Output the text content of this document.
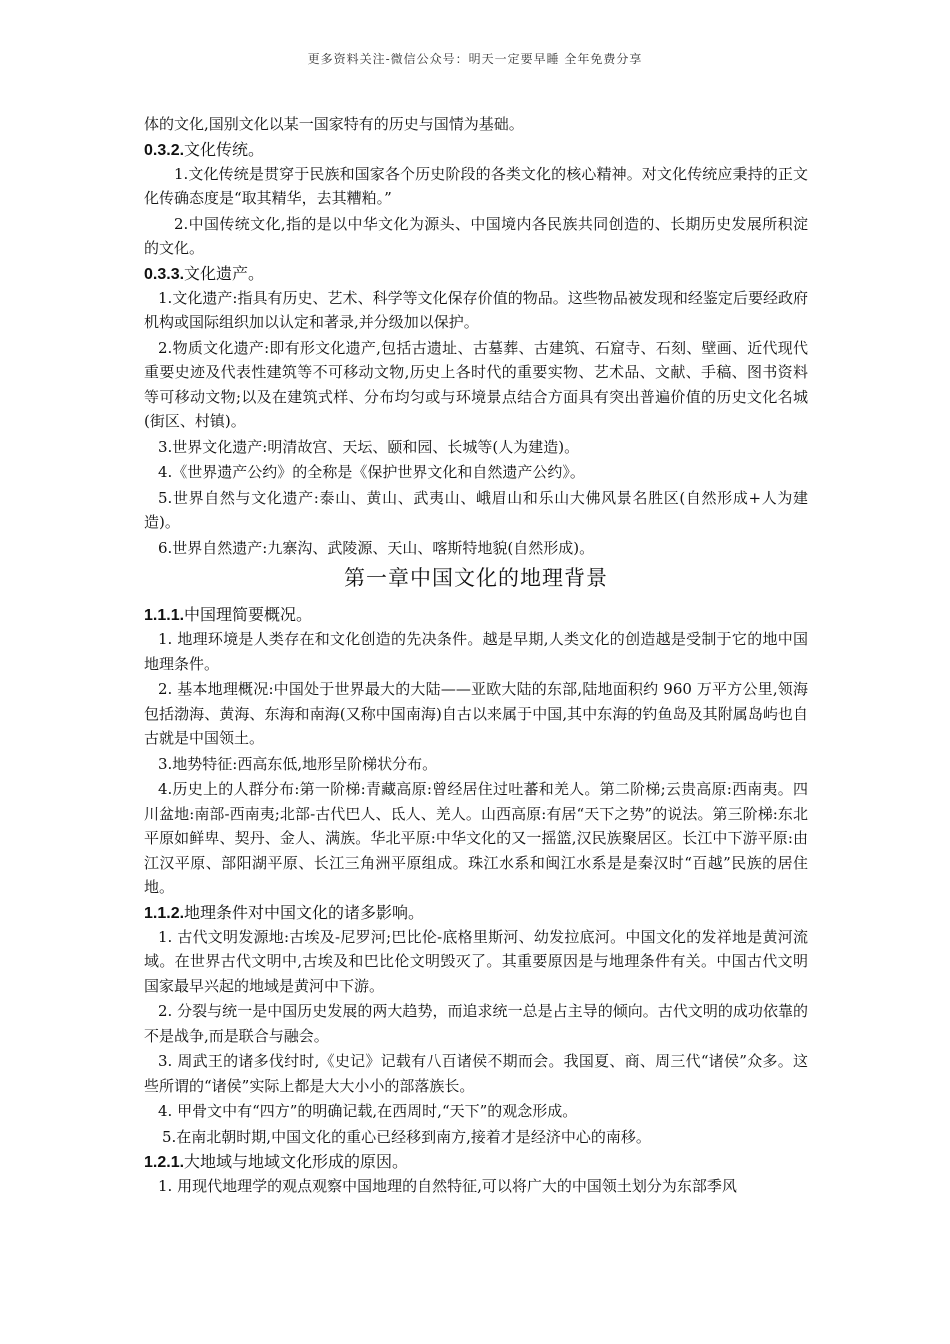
更多资料关注-微信公众号：明天一定要早睡 全年免费分享
体的文化,国别文化以某一国家特有的历史与国情为基础。
0.3.2.文化传统。
1.文化传统是贯穿于民族和国家各个历史阶段的各类文化的核心精神。对文化传统应秉持的正文化传确态度是“取其精华，去其糟粕。”
2.中国传统文化,指的是以中华文化为源头、中国境内各民族共同创造的、长期历史发展所积淀的文化。
0.3.3.文化遗产。
1.文化遗产:指具有历史、艺术、科学等文化保存价值的物品。这些物品被发现和经鉴定后要经政府机构或国际组织加以认定和著录,并分级加以保护。
2.物质文化遗产:即有形文化遗产,包括古遗址、古墓葬、古建筑、石窟寺、石刻、壁画、近代现代重要史迹及代表性建筑等不可移动文物,历史上各时代的重要实物、艺术品、文献、手稿、图书资料等可移动文物;以及在建筑式样、分布均匀或与环境景点结合方面具有突出普遍价值的历史文化名城(街区、村镇)。
3.世界文化遗产:明清故宫、天坛、颐和园、长城等(人为建造)。
4.《世界遗产公约》的全称是《保护世界文化和自然遗产公约》。
5.世界自然与文化遗产:泰山、黄山、武夷山、峨眉山和乐山大佛风景名胜区(自然形成+人为建造)。
6.世界自然遗产:九寨沟、武陵源、天山、喀斯特地貌(自然形成)。
第一章中国文化的地理背景
1.1.1.中国理简要概况。
1. 地理环境是人类存在和文化创造的先决条件。越是早期,人类文化的创造越是受制于它的地中国地理条件。
2. 基本地理概况:中国处于世界最大的大陆——亚欧大陆的东部,陆地面积约 960 万平方公里,领海包括渤海、黄海、东海和南海(又称中国南海)自古以来属于中国,其中东海的钓鱼岛及其附属岛屿也自古就是中国领土。
3.地势特征:西高东低,地形呈阶梯状分布。
4.历史上的人群分布:第一阶梯:青藏高原:曾经居住过吐蕃和羌人。第二阶梯;云贵高原:西南夷。四川盆地:南部-西南夷;北部-古代巴人、氐人、羌人。山西高原:有居“天下之势”的说法。第三阶梯:东北平原如鲜卑、契丹、金人、满族。华北平原:中华文化的又一摇篮,汉民族聚居区。长江中下游平原:由江汉平原、部阳湖平原、长江三角洲平原组成。珠江水系和闽江水系是是秦汉时“百越”民族的居住地。
1.1.2.地理条件对中国文化的诸多影响。
1. 古代文明发源地:古埃及-尼罗河;巴比伦-底格里斯河、幼发拉底河。中国文化的发祥地是黄河流域。在世界古代文明中,古埃及和巴比伦文明毁灭了。其重要原因是与地理条件有关。中国古代文明国家最早兴起的地域是黄河中下游。
2. 分裂与统一是中国历史发展的两大趋势，而追求统一总是占主导的倾向。古代文明的成功依靠的不是战争,而是联合与融会。
3. 周武王的诸多伐纣时,《史记》记载有八百诸侯不期而会。我国夏、商、周三代“诸侯”众多。这些所谓的“诸侯”实际上都是大大小小的部落族长。
4. 甲骨文中有“四方”的明确记载,在西周时,“天下”的观念形成。
5.在南北朝时期,中国文化的重心已经移到南方,接着才是经济中心的南移。
1.2.1.大地域与地域文化形成的原因。
1. 用现代地理学的观点观察中国地理的自然特征,可以将广大的中国领土划分为东部季风
